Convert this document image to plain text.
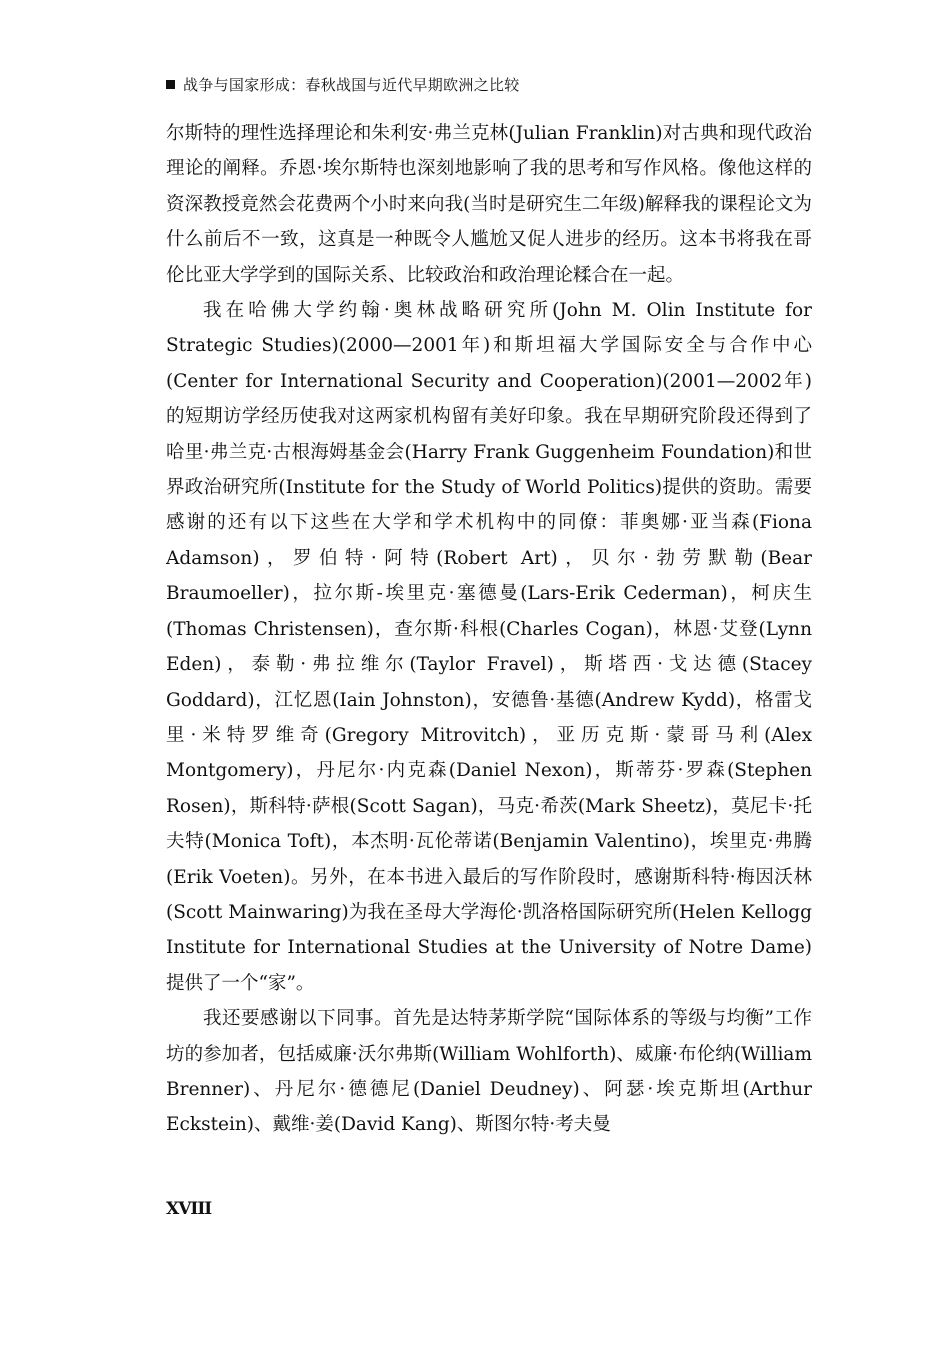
战争与国家形成：春秋战国与近代早期欧洲之比较

尔斯特的理性选择理论和朱利安·弗兰克林(Julian Franklin)对古典和现代政治理论的阐释。乔恩·埃尔斯特也深刻地影响了我的思考和写作风格。像他这样的资深教授竟然会花费两个小时来向我(当时是研究生二年级)解释我的课程论文为什么前后不一致，这真是一种既令人尴尬又促人进步的经历。这本书将我在哥伦比亚大学学到的国际关系、比较政治和政治理论糅合在一起。

我在哈佛大学约翰·奥林战略研究所(John M. Olin Institute for Strategic Studies)(2000—2001年)和斯坦福大学国际安全与合作中心(Center for International Security and Cooperation)(2001—2002年)的短期访学经历使我对这两家机构留有美好印象。我在早期研究阶段还得到了哈里·弗兰克·古根海姆基金会(Harry Frank Guggenheim Foundation)和世界政治研究所(Institute for the Study of World Politics)提供的资助。需要感谢的还有以下这些在大学和学术机构中的同僚：菲奥娜·亚当森(Fiona Adamson)，罗伯特·阿特(Robert Art)，贝尔·勃劳默勒(Bear Braumoeller)，拉尔斯-埃里克·塞德曼(Lars-Erik Cederman)，柯庆生(Thomas Christensen)，查尔斯·科根(Charles Cogan)，林恩·艾登(Lynn Eden)，泰勒·弗拉维尔(Taylor Fravel)，斯塔西·戈达德(Stacey Goddard)，江忆恩(Iain Johnston)，安德鲁·基德(Andrew Kydd)，格雷戈里·米特罗维奇(Gregory Mitrovitch)，亚历克斯·蒙哥马利(Alex Montgomery)，丹尼尔·内克森(Daniel Nexon)，斯蒂芬·罗森(Stephen Rosen)，斯科特·萨根(Scott Sagan)，马克·希茨(Mark Sheetz)，莫尼卡·托夫特(Monica Toft)，本杰明·瓦伦蒂诺(Benjamin Valentino)，埃里克·弗腾(Erik Voeten)。另外，在本书进入最后的写作阶段时，感谢斯科特·梅因沃林(Scott Mainwaring)为我在圣母大学海伦·凯洛格国际研究所(Helen Kellogg Institute for International Studies at the University of Notre Dame)提供了一个“家”。

我还要感谢以下同事。首先是达特茅斯学院“国际体系的等级与均衡”工作坊的参加者，包括威廉·沃尔弗斯(William Wohlforth)、威廉·布伦纳(William Brenner)、丹尼尔·德德尼(Daniel Deudney)、阿瑟·埃克斯坦(Arthur Eckstein)、戴维·姜(David Kang)、斯图尔特·考夫曼

XVIII
